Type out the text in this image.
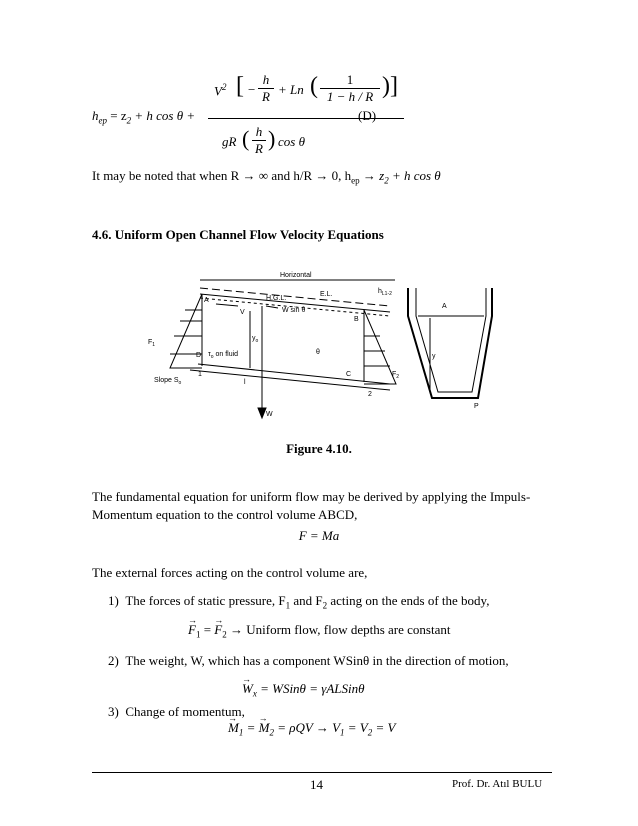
$h_{ep} = z_2 + h$ cos θ +
$V^2$ [ − $\frac{h}{R} + Ln$ ( $\frac{1}{1 - h / R}$ ) ]
gR ( $\frac{h}{R}$ ) cos θ
(D)
It may be noted that when R → ∞ and h/R → 0, $h_{ep} \to z_2 + h$ cos θ
4.6. Uniform Open Channel Flow Velocity Equations
Horizontal
E.L.
H.G.L.
$h_{L1-2}$
A
B
C
D
V
$F_1$
$F_2$
$y_o$
W sin θ
$\tau_o$ on fluid
Slope $S_o$	l
θ
W
1
2
A
P
y
Figure 4.10.
The fundamental equation for uniform flow may be derived by applying the Impuls-Momentum equation to the control volume ABCD,
F = Ma
The external forces acting on the control volume are,
1) The forces of static pressure, $F_1$ and $F_2$ acting on the ends of the body,
→ $F_1$ = → $F_2$ → Uniform flow, flow depths are constant
2) The weight, W, which has a component WSinθ in the direction of motion,
→ $W_x$ = WSinθ = γALSinθ
3) Change of momentum,
→ $M_1$ = → $M_2 = \rho QV \to V_1 = V_2 = V$
14	Prof. Dr. Atıl BULU
